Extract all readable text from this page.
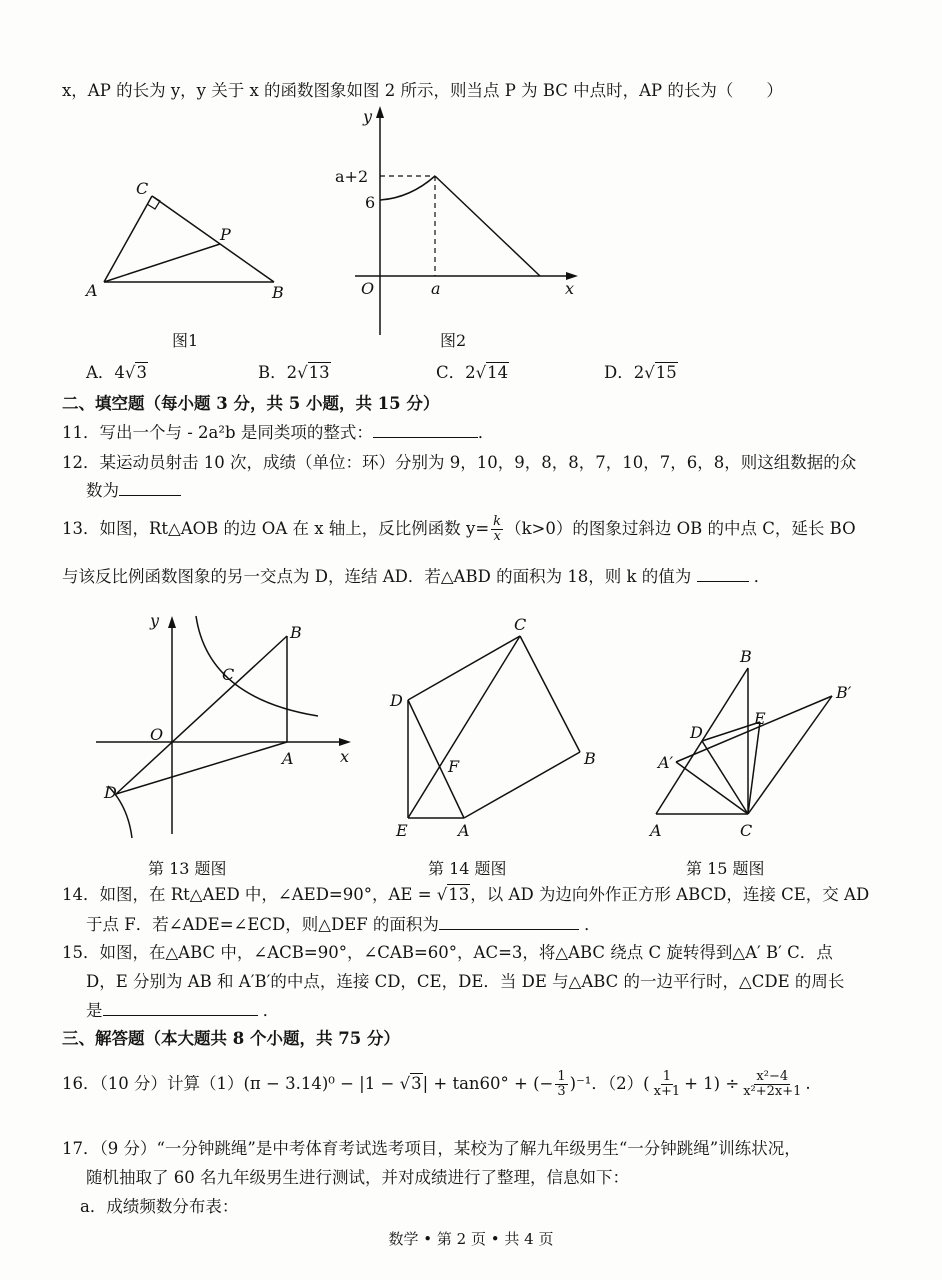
x，AP 的长为 y，y 关于 x 的函数图象如图 2 所示，则当点 P 为 BC 中点时，AP 的长为（　　）
C
P
A	B
图1
y
a+2
6
O	a	x
图2
A．4√3	B．2√13	C．2√14	D．2√15
二、填空题（每小题 3 分，共 5 小题，共 15 分）
11．写出一个与 - 2a²b 是同类项的整式：	．
12．某运动员射击 10 次，成绩（单位：环）分别为 9，10，9，8，8，7，10，7，6，8，则这组数据的众
数为
13．如图，Rt△AOB 的边 OA 在 x 轴上，反比例函数 $y= \frac{k}{x} (k>0)$的图象过斜边 OB 的中点 C，延长 BO
与该反比例函数图象的另一交点为 D，连结 AD．若△ABD 的面积为 18，则 k 的值为	．
y
O
x
A
B
C
D
第 13 题图
C
D
B
F
E	A
第 14 题图
B
B′
D
E
A′
A	C
第 15 题图
14．如图，在 Rt△AED 中，∠AED=90°，AE = √13，以 AD 为边向外作正方形 ABCD，连接 CE，交 AD
于点 F．若∠ADE=∠ECD，则△DEF 的面积为	．
15．如图，在△ABC 中，∠ACB=90°，∠CAB=60°，AC=3，将△ABC 绕点 C 旋转得到△A′ B′ C．点
D，E 分别为 AB 和 A′B′的中点，连接 CD，CE，DE．当 DE 与△ABC 的一边平行时，△CDE 的周长
是	．
三、解答题（本大题共 8 个小题，共 75 分）
16．（10 分）计算（1）(π − 3.14)⁰ − |1 − √3| + tan60° + (− $\frac{1}{3} )^{-1}$．$(2)( \frac{1}{x+1} + 1) \div \frac{\text{x²−4}}{\text{x²+2x+1}}$ .
17．（9 分）“一分钟跳绳”是中考体育考试选考项目，某校为了解九年级男生“一分钟跳绳”训练状况，
随机抽取了 60 名九年级男生进行测试，并对成绩进行了整理，信息如下：
a．成绩频数分布表：
数学 • 第 2 页 • 共 4 页
